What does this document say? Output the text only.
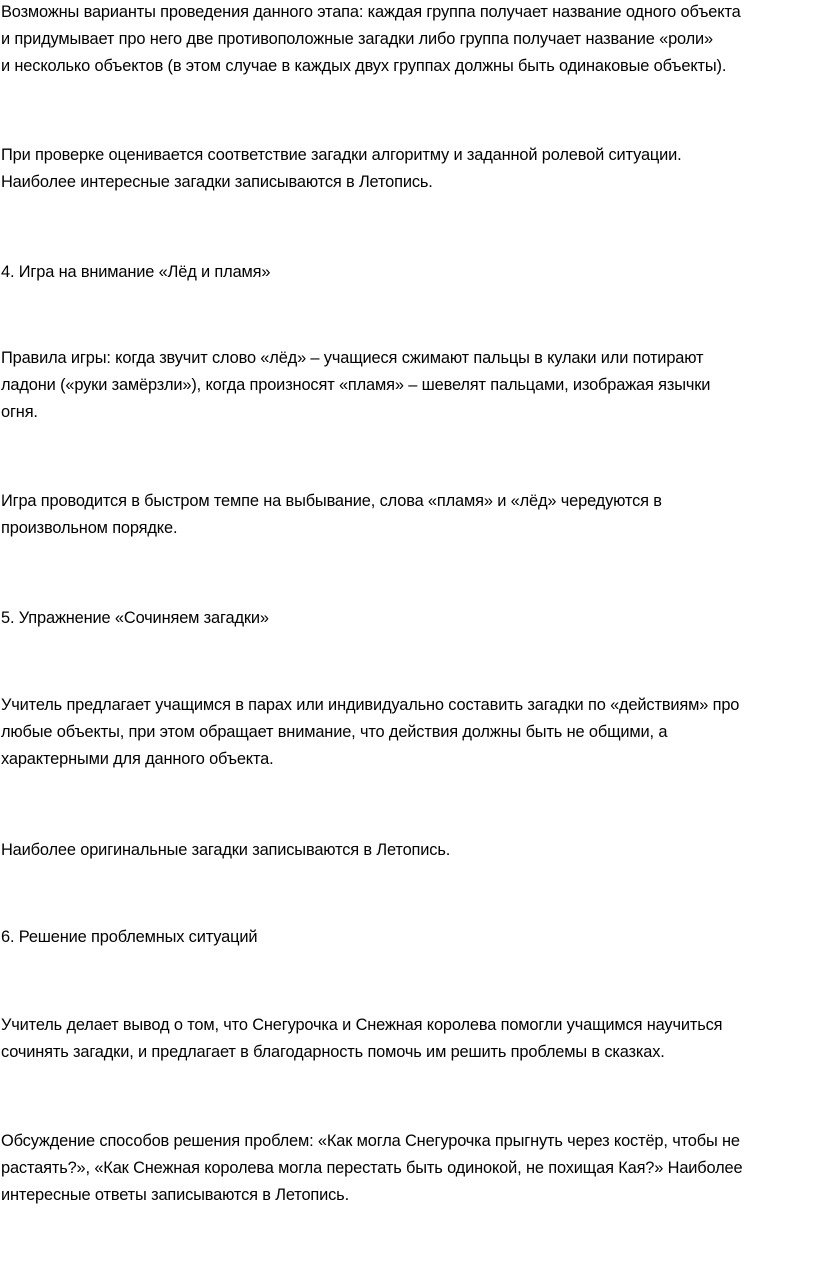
Возможны варианты проведения данного этапа: каждая группа получает название одного объекта
и придумывает про него две противоположные загадки либо группа получает название «роли»
и несколько объектов (в этом случае в каждых двух группах должны быть одинаковые объекты).
При проверке оценивается соответствие загадки алгоритму и заданной ролевой ситуации.
Наиболее интересные загадки записываются в Летопись.
4. Игра на внимание «Лёд и пламя»
Правила игры: когда звучит слово «лёд» – учащиеся сжимают пальцы в кулаки или потирают
ладони («руки замёрзли»), когда произносят «пламя» – шевелят пальцами, изображая язычки
огня.
Игра проводится в быстром темпе на выбывание, слова «пламя» и «лёд» чередуются в
произвольном порядке.
5. Упражнение «Сочиняем загадки»
Учитель предлагает учащимся в парах или индивидуально составить загадки по «действиям» про
любые объекты, при этом обращает внимание, что действия должны быть не общими, а
характерными для данного объекта.
Наиболее оригинальные загадки записываются в Летопись.
6. Решение проблемных ситуаций
Учитель делает вывод о том, что Снегурочка и Снежная королева помогли учащимся научиться
сочинять загадки, и предлагает в благодарность помочь им решить проблемы в сказках.
Обсуждение способов решения проблем: «Как могла Снегурочка прыгнуть через костёр, чтобы не
растаять?», «Как Снежная королева могла перестать быть одинокой, не похищая Кая?» Наиболее
интересные ответы записываются в Летопись.
